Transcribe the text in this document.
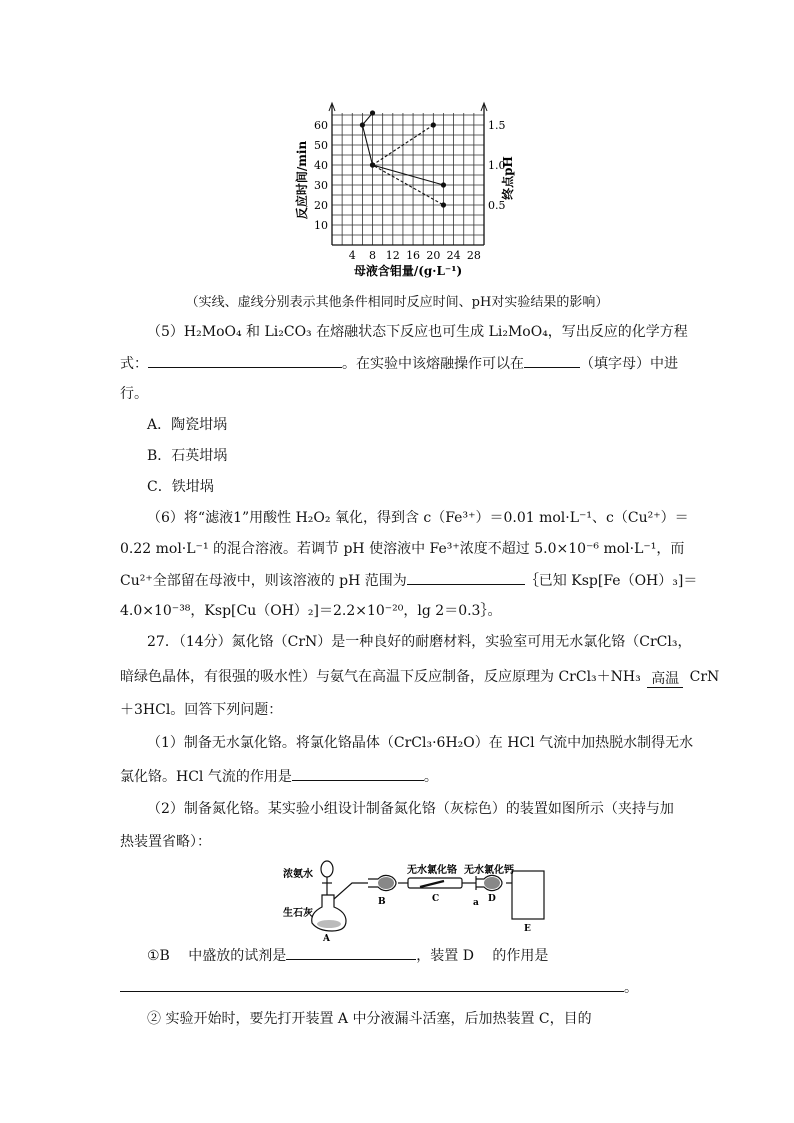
4 8 12 16 20 24 28
10
20
30
40
50
60
0.5
1.0
1.5
母液含钼量/(g·L⁻¹)
反应时间/min	终点pH
（实线、虚线分别表示其他条件相同时反应时间、pH对实验结果的影响）
（5）H₂MoO₄ 和 Li₂CO₃ 在熔融状态下反应也可生成 Li₂MoO₄，写出反应的化学方程
式：	。在实验中该熔融操作可以在	（填字母）中进
行。
A．陶瓷坩埚
B．石英坩埚
C．铁坩埚
（6）将“滤液1”用酸性 H₂O₂ 氧化，得到含 c（Fe³⁺）＝0.01 mol·L⁻¹、c（Cu²⁺）＝
0.22 mol·L⁻¹ 的混合溶液。若调节 pH 使溶液中 Fe³⁺浓度不超过 5.0×10⁻⁶ mol·L⁻¹，而
Cu²⁺全部留在母液中，则该溶液的 pH 范围为	｛已知 Ksp[Fe（OH）₃]＝
4.0×10⁻³⁸，Ksp[Cu（OH）₂]＝2.2×10⁻²⁰，lg 2＝0.3｝。
27．（14分）氮化铬（CrN）是一种良好的耐磨材料，实验室可用无水氯化铬（CrCl₃，
暗绿色晶体，有很强的吸水性）与氨气在高温下反应制备，反应原理为 CrCl₃＋NH₃ 高温 CrN
＋3HCl。回答下列问题：
（1）制备无水氯化铬。将氯化铬晶体（CrCl₃·6H₂O）在 HCl 气流中加热脱水制得无水
氯化铬。HCl 气流的作用是	。
（2）制备氮化铬。某实验小组设计制备氮化铬（灰棕色）的装置如图所示（夹持与加
热装置省略）：
浓氨水
生石灰
A
B
无水氯化铬
C
无水氯化钙
D
a
E
①B　 中盛放的试剂是	，装置 D　 的作用是
。
② 实验开始时，要先打开装置 A 中分液漏斗活塞，后加热装置 C，目的
